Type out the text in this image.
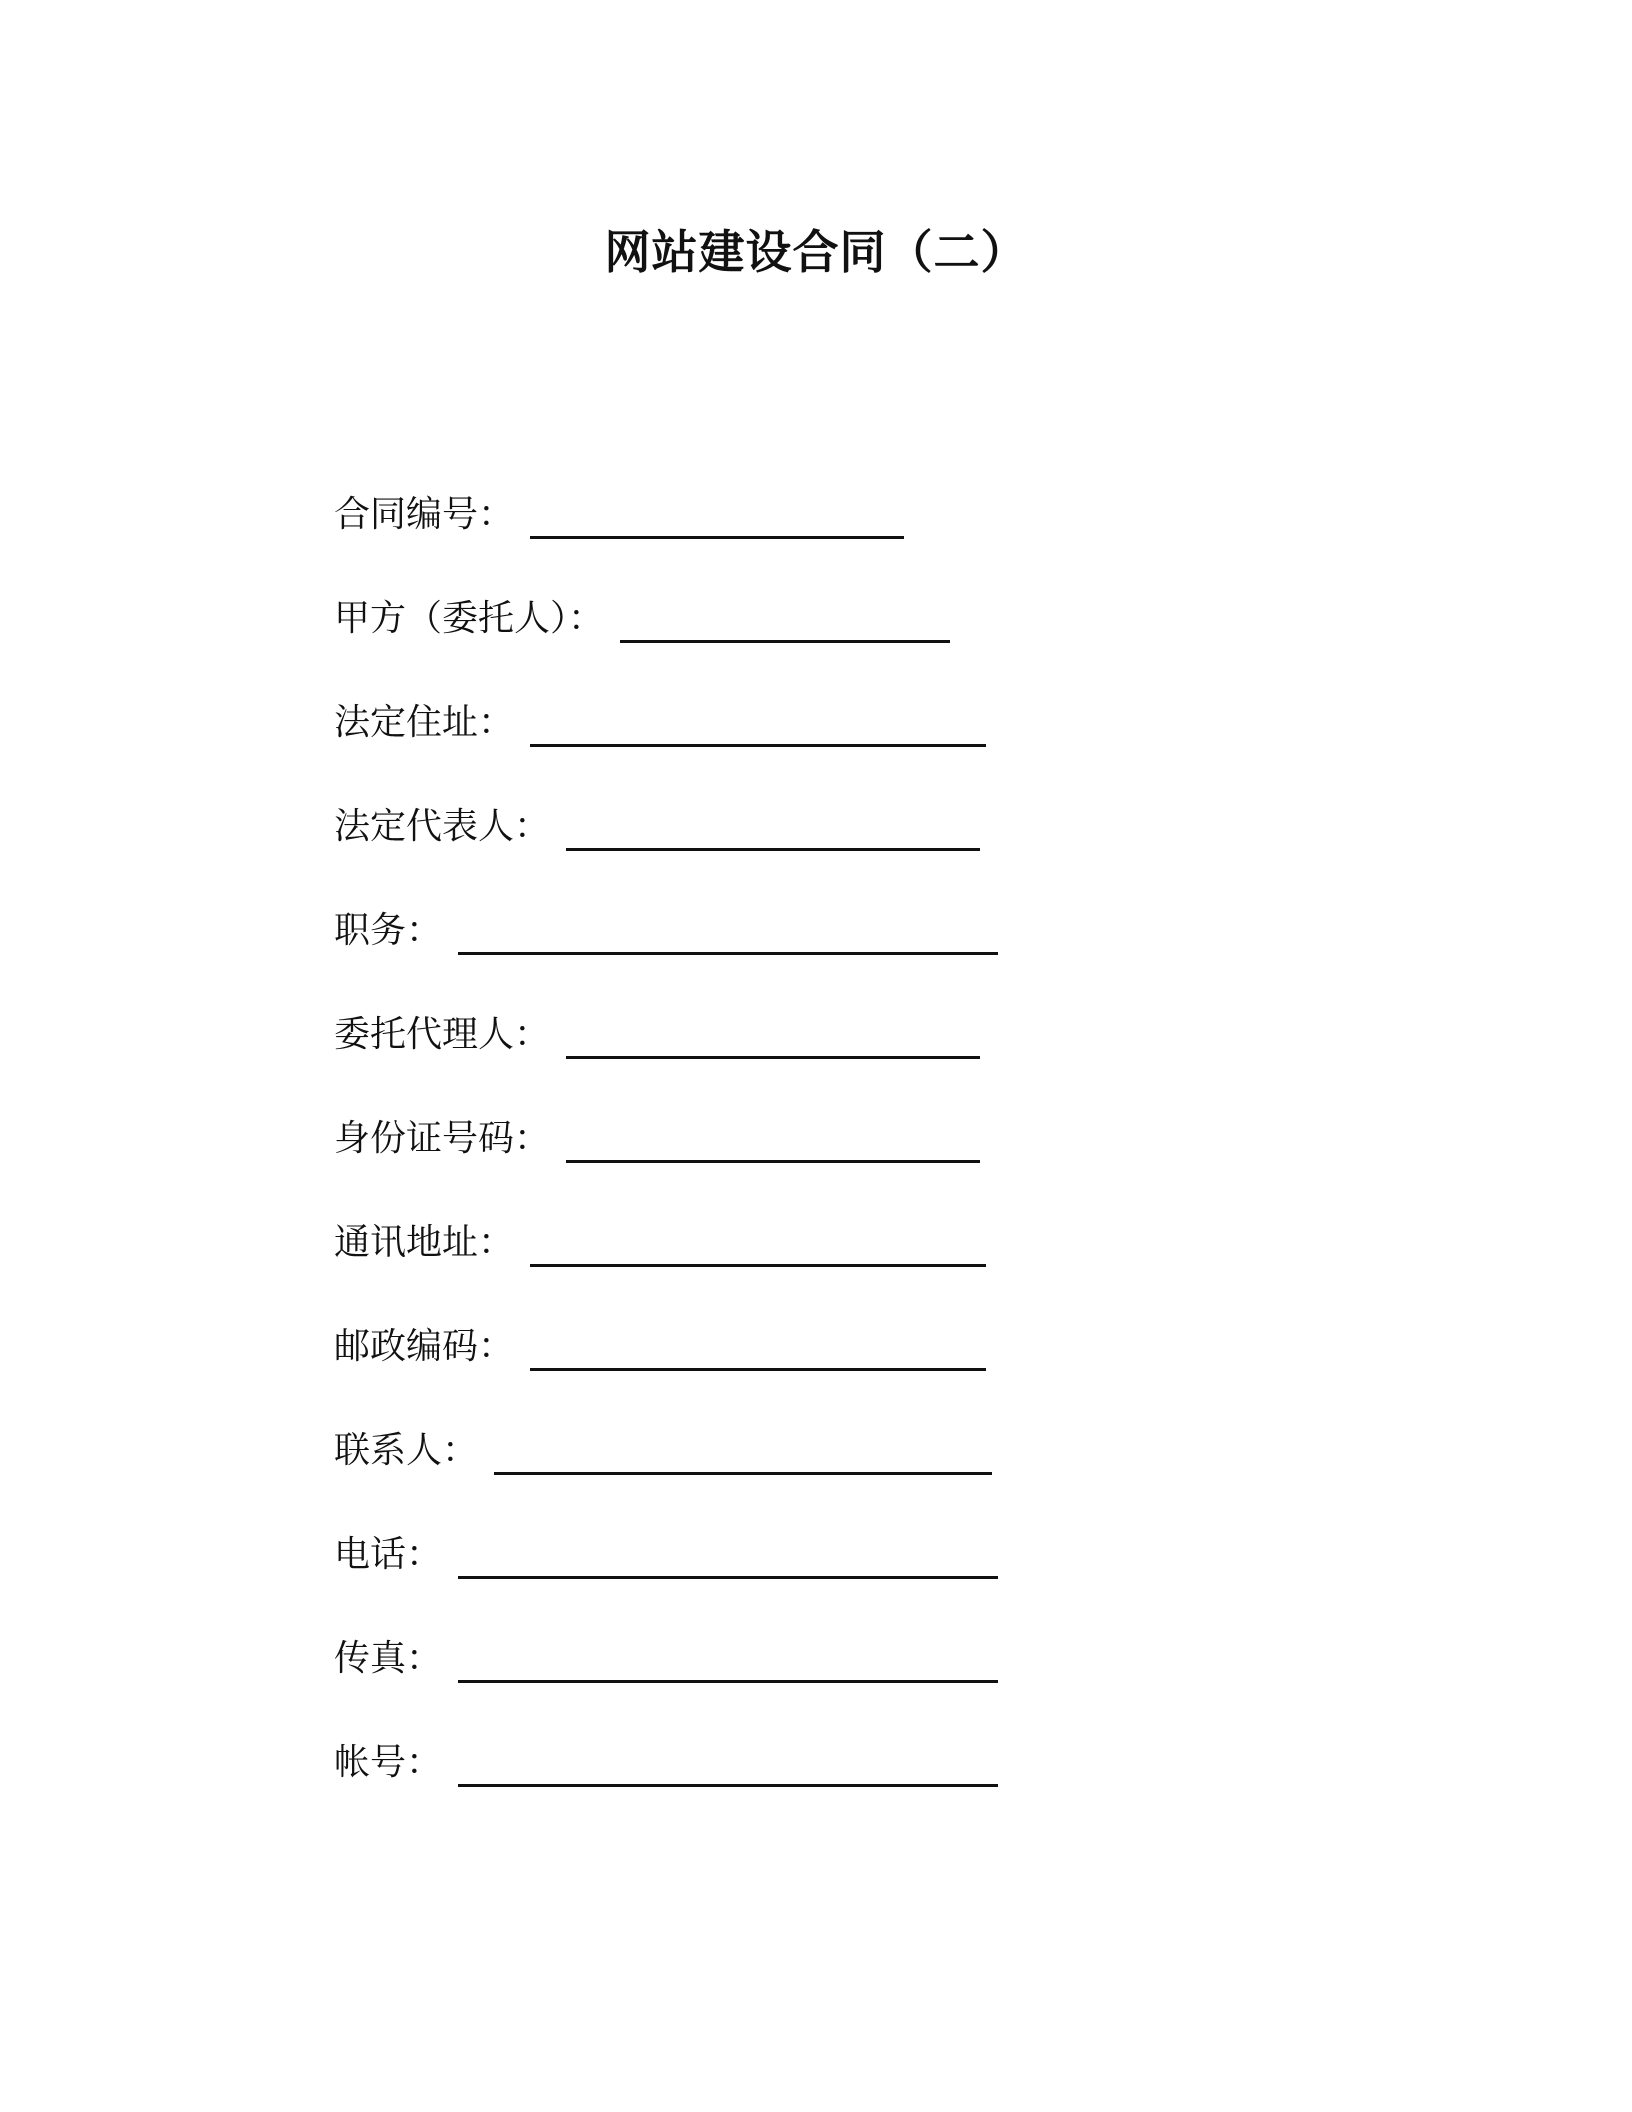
网站建设合同（二）
合同编号：
甲方（委托人）：
法定住址：
法定代表人：
职务：
委托代理人：
身份证号码：
通讯地址：
邮政编码：
联系人：
电话：
传真：
帐号：
